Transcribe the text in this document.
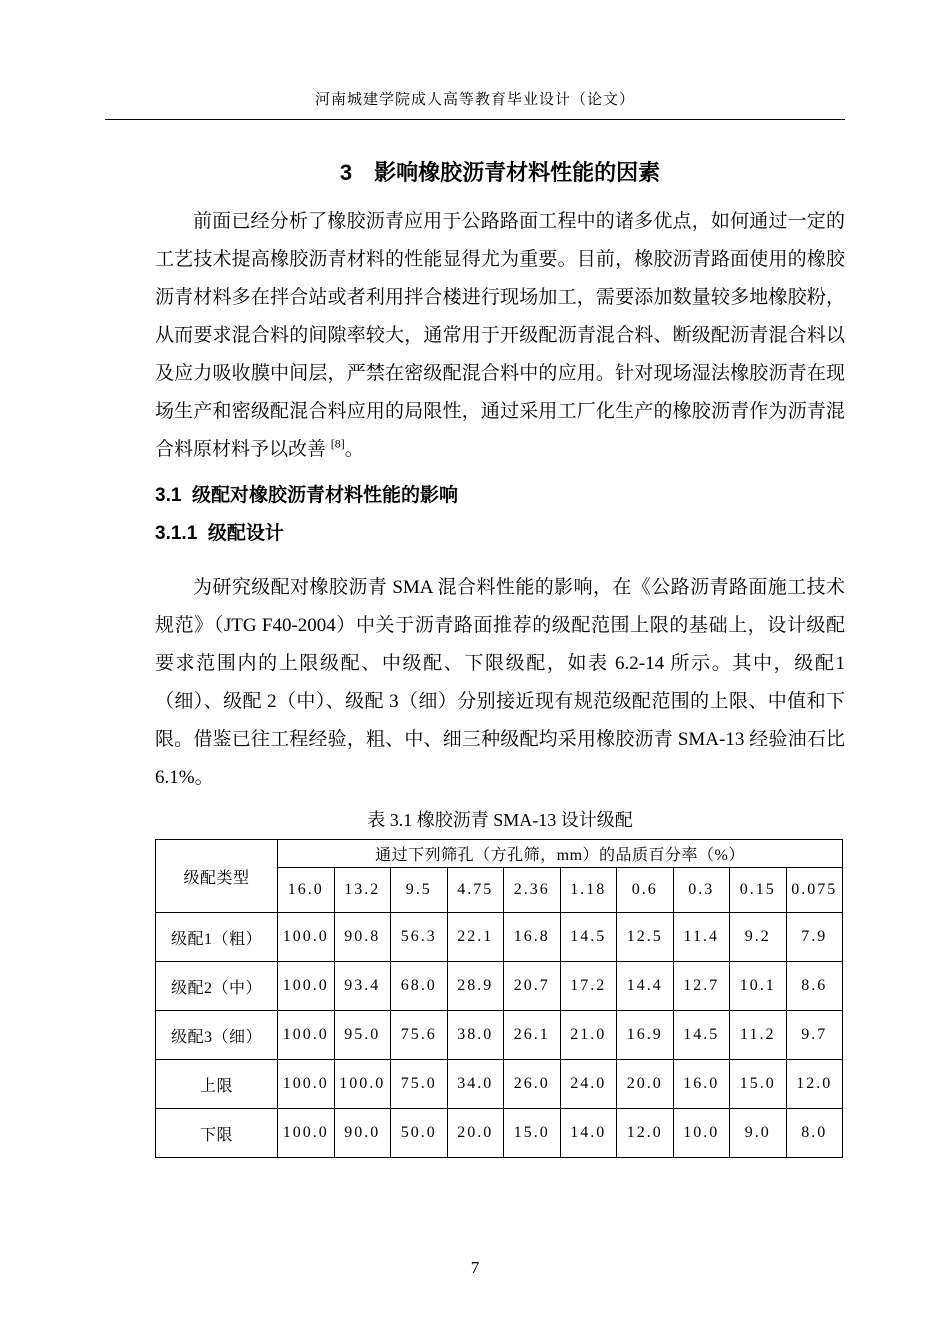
河南城建学院成人高等教育毕业设计（论文）
3　影响橡胶沥青材料性能的因素

前面已经分析了橡胶沥青应用于公路路面工程中的诸多优点，如何通过一定的工艺技术提高橡胶沥青材料的性能显得尤为重要。目前，橡胶沥青路面使用的橡胶沥青材料多在拌合站或者利用拌合楼进行现场加工，需要添加数量较多地橡胶粉，从而要求混合料的间隙率较大，通常用于开级配沥青混合料、断级配沥青混合料以及应力吸收膜中间层，严禁在密级配混合料中的应用。针对现场湿法橡胶沥青在现场生产和密级配混合料应用的局限性，通过采用工厂化生产的橡胶沥青作为沥青混合料原材料予以改善 [8]。

3.1  级配对橡胶沥青材料性能的影响
3.1.1  级配设计

为研究级配对橡胶沥青 SMA 混合料性能的影响，在《公路沥青路面施工技术规范》（JTG F40-2004）中关于沥青路面推荐的级配范围上限的基础上，设计级配要求范围内的上限级配、中级配、下限级配，如表 6.2-14 所示。其中，级配1（细）、级配 2（中）、级配 3（细）分别接近现有规范级配范围的上限、中值和下限。借鉴已往工程经验，粗、中、细三种级配均采用橡胶沥青 SMA-13 经验油石比 6.1%。

表 3.1 橡胶沥青 SMA-13 设计级配
级配类型	通过下列筛孔（方孔筛，mm）的品质百分率（%）									
	16.0	13.2	9.5	4.75	2.36	1.18	0.6	0.3	0.15	0.075
级配1（粗）	100.0	90.8	56.3	22.1	16.8	14.5	12.5	11.4	9.2	7.9
级配2（中）	100.0	93.4	68.0	28.9	20.7	17.2	14.4	12.7	10.1	8.6
级配3（细）	100.0	95.0	75.6	38.0	26.1	21.0	16.9	14.5	11.2	9.7
上限	100.0	100.0	75.0	34.0	26.0	24.0	20.0	16.0	15.0	12.0
下限	100.0	90.0	50.0	20.0	15.0	14.0	12.0	10.0	9.0	8.0
7
